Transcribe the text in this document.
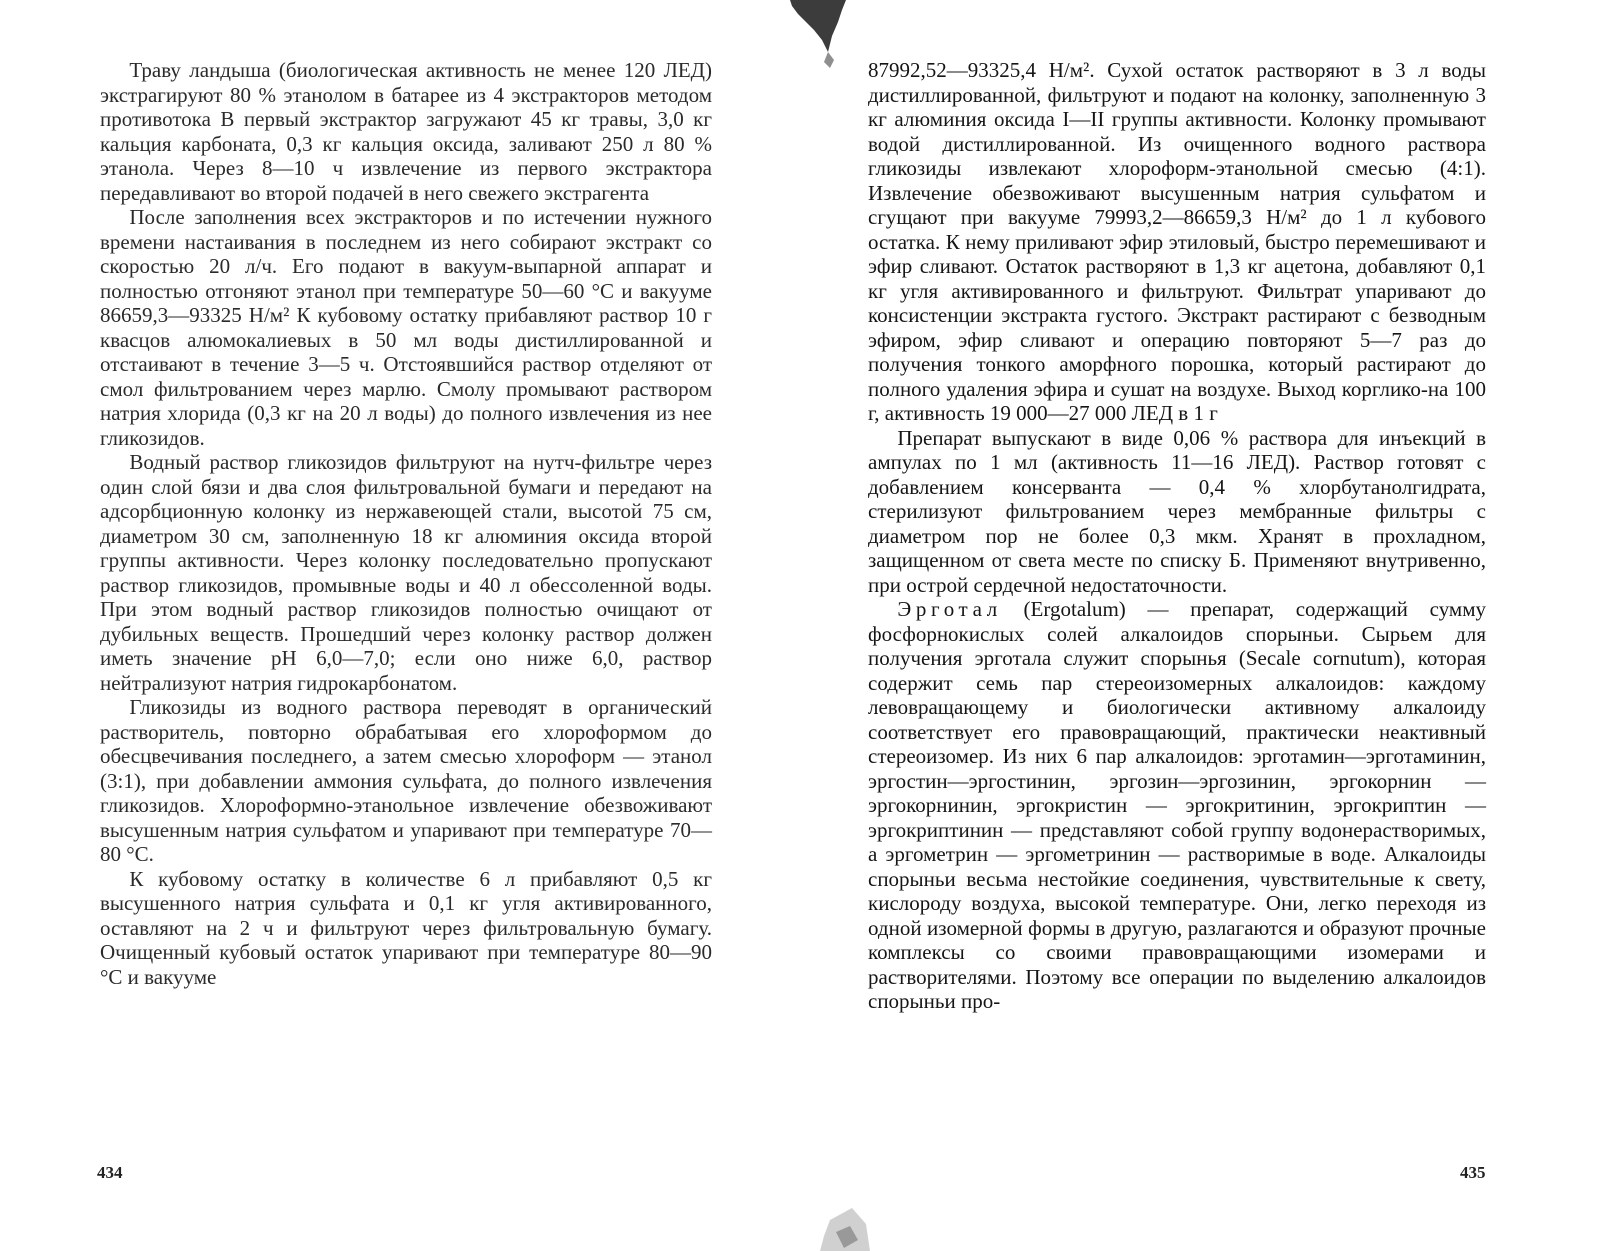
Траву ландыша (биологическая активность не менее 120 ЛЕД) экстрагируют 80 % этанолом в батарее из 4 экстракторов методом противотока В первый экстрактор загружают 45 кг травы, 3,0 кг кальция карбоната, 0,3 кг кальция оксида, заливают 250 л 80 % этанола. Через 8—10 ч извлечение из первого экстрактора передавливают во второй подачей в него свежего экстрагента

После заполнения всех экстракторов и по истечении нужного времени настаивания в последнем из него собирают экстракт со скоростью 20 л/ч. Его подают в вакуум-выпарной аппарат и полностью отгоняют этанол при температуре 50—60 °С и вакууме 86659,3—93325 Н/м² К кубовому остатку прибавляют раствор 10 г квасцов алюмокалиевых в 50 мл воды дистиллированной и отстаивают в течение 3—5 ч. Отстоявшийся раствор отделяют от смол фильтрованием через марлю. Смолу промывают раствором натрия хлорида (0,3 кг на 20 л воды) до полного извлечения из нее гликозидов.

Водный раствор гликозидов фильтруют на нутч-фильтре через один слой бязи и два слоя фильтровальной бумаги и передают на адсорбционную колонку из нержавеющей стали, высотой 75 см, диаметром 30 см, заполненную 18 кг алюминия оксида второй группы активности. Через колонку последовательно пропускают раствор гликозидов, промывные воды и 40 л обессоленной воды. При этом водный раствор гликозидов полностью очищают от дубильных веществ. Прошедший через колонку раствор должен иметь значение рН 6,0—7,0; если оно ниже 6,0, раствор нейтрализуют натрия гидрокарбонатом.

Гликозиды из водного раствора переводят в органический растворитель, повторно обрабатывая его хлороформом до обесцвечивания последнего, а затем смесью хлороформ — этанол (3:1), при добавлении аммония сульфата, до полного извлечения гликозидов. Хлороформно-этанольное извлечение обезвоживают высушенным натрия сульфатом и упаривают при температуре 70—80 °С.

К кубовому остатку в количестве 6 л прибавляют 0,5 кг высушенного натрия сульфата и 0,1 кг угля активированного, оставляют на 2 ч и фильтруют через фильтровальную бумагу. Очищенный кубовый остаток упаривают при температуре 80—90 °С и вакууме

434

87992,52—93325,4 Н/м². Сухой остаток растворяют в 3 л воды дистиллированной, фильтруют и подают на колонку, заполненную 3 кг алюминия оксида I—II группы активности. Колонку промывают водой дистиллированной. Из очищенного водного раствора гликозиды извлекают хлороформ-этанольной смесью (4:1). Извлечение обезвоживают высушенным натрия сульфатом и сгущают при вакууме 79993,2—86659,3 Н/м² до 1 л кубового остатка. К нему приливают эфир этиловый, быстро перемешивают и эфир сливают. Остаток растворяют в 1,3 кг ацетона, добавляют 0,1 кг угля активированного и фильтруют. Фильтрат упаривают до консистенции экстракта густого. Экстракт растирают с безводным эфиром, эфир сливают и операцию повторяют 5—7 раз до получения тонкого аморфного порошка, который растирают до полного удаления эфира и сушат на воздухе. Выход корглико-на 100 г, активность 19 000—27 000 ЛЕД в 1 г

Препарат выпускают в виде 0,06 % раствора для инъекций в ампулах по 1 мл (активность 11—16 ЛЕД). Раствор готовят с добавлением консерванта — 0,4 % хлорбутанолгидрата, стерилизуют фильтрованием через мембранные фильтры с диаметром пор не более 0,3 мкм. Хранят в прохладном, защищенном от света месте по списку Б. Применяют внутривенно, при острой сердечной недостаточности.

Эрготал (Ergotalum) — препарат, содержащий сумму фосфорнокислых солей алкалоидов спорыньи. Сырьем для получения эрготала служит спорынья (Secale cornutum), которая содержит семь пар стереоизомерных алкалоидов: каждому левовращающему и биологически активному алкалоиду соответствует его правовращающий, практически неактивный стереоизомер. Из них 6 пар алкалоидов: эрготамин—эрготаминин, эргостин—эргостинин, эргозин—эргозинин, эргокорнин — эргокорнинин, эргокристин — эргокритинин, эргокриптин — эргокриптинин — представляют собой группу водонерастворимых, а эргометрин — эргометринин — растворимые в воде. Алкалоиды спорыньи весьма нестойкие соединения, чувствительные к свету, кислороду воздуха, высокой температуре. Они, легко переходя из одной изомерной формы в другую, разлагаются и образуют прочные комплексы со своими правовращающими изомерами и растворителями. Поэтому все операции по выделению алкалоидов спорыньи про-

435
